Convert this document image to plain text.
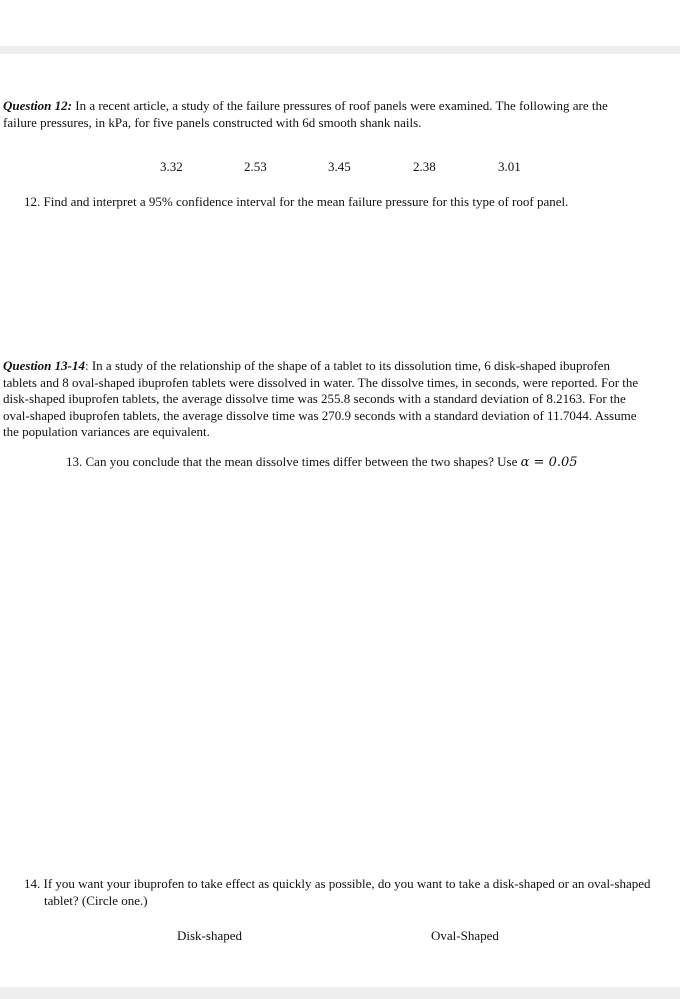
Question 12: In a recent article, a study of the failure pressures of roof panels were examined. The following are the failure pressures, in kPa, for five panels constructed with 6d smooth shank nails.

3.32	2.53	3.45	2.38	3.01

12. Find and interpret a 95% confidence interval for the mean failure pressure for this type of roof panel.

Question 13-14: In a study of the relationship of the shape of a tablet to its dissolution time, 6 disk-shaped ibuprofen tablets and 8 oval-shaped ibuprofen tablets were dissolved in water. The dissolve times, in seconds, were reported. For the disk-shaped ibuprofen tablets, the average dissolve time was 255.8 seconds with a standard deviation of 8.2163. For the oval-shaped ibuprofen tablets, the average dissolve time was 270.9 seconds with a standard deviation of 11.7044. Assume the population variances are equivalent.

13. Can you conclude that the mean dissolve times differ between the two shapes? Use α = 0.05

14. If you want your ibuprofen to take effect as quickly as possible, do you want to take a disk-shaped or an oval-shaped tablet? (Circle one.)

Disk-shaped	Oval-Shaped
